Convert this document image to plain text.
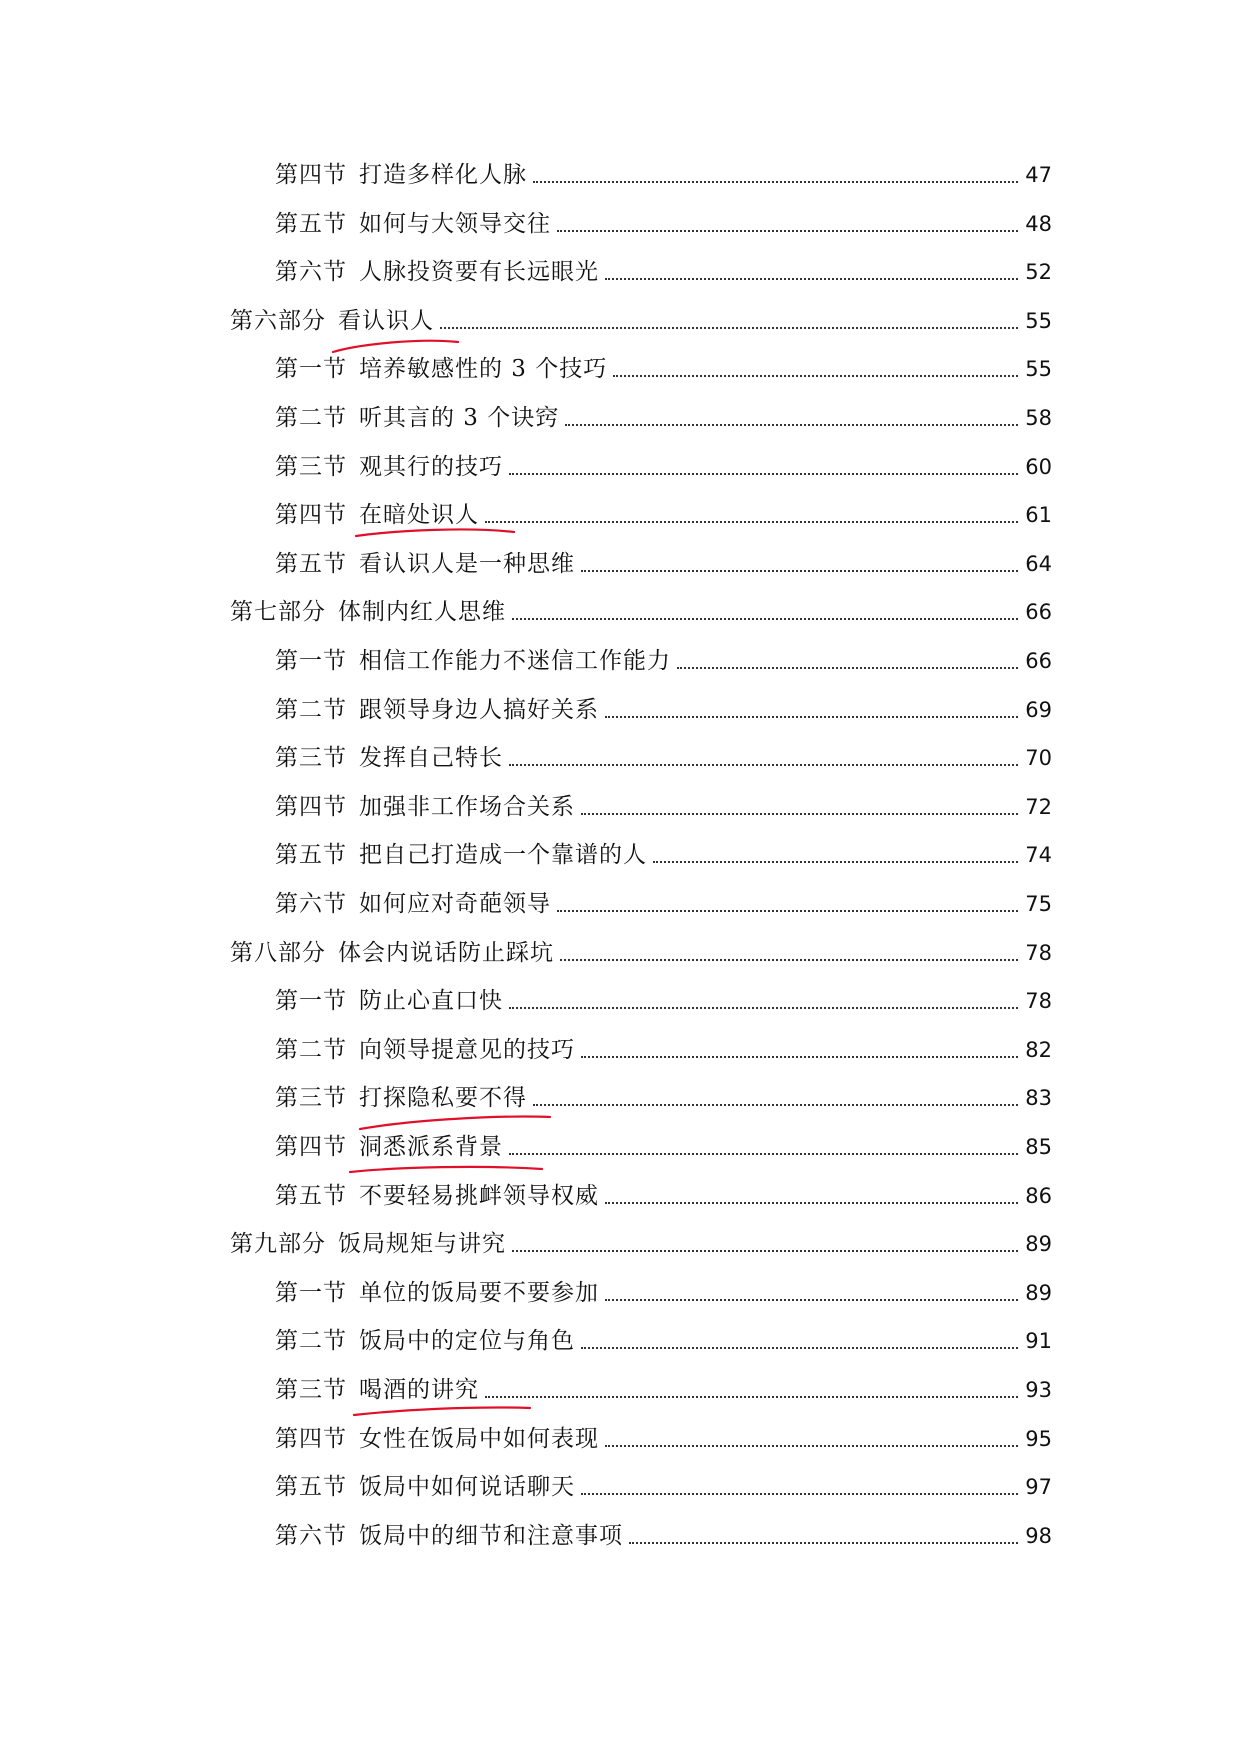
第四节 打造多样化人脉	47
第五节 如何与大领导交往	48
第六节 人脉投资要有长远眼光	52
第六部分 看认识人	55
第一节 培养敏感性的 3 个技巧	55
第二节 听其言的 3 个诀窍	58
第三节 观其行的技巧	60
第四节 在暗处识人	61
第五节 看认识人是一种思维	64
第七部分 体制内红人思维	66
第一节 相信工作能力不迷信工作能力	66
第二节 跟领导身边人搞好关系	69
第三节 发挥自己特长	70
第四节 加强非工作场合关系	72
第五节 把自己打造成一个靠谱的人	74
第六节 如何应对奇葩领导	75
第八部分 体会内说话防止踩坑	78
第一节 防止心直口快	78
第二节 向领导提意见的技巧	82
第三节 打探隐私要不得	83
第四节 洞悉派系背景	85
第五节 不要轻易挑衅领导权威	86
第九部分 饭局规矩与讲究	89
第一节 单位的饭局要不要参加	89
第二节 饭局中的定位与角色	91
第三节 喝酒的讲究	93
第四节 女性在饭局中如何表现	95
第五节 饭局中如何说话聊天	97
第六节 饭局中的细节和注意事项	98
